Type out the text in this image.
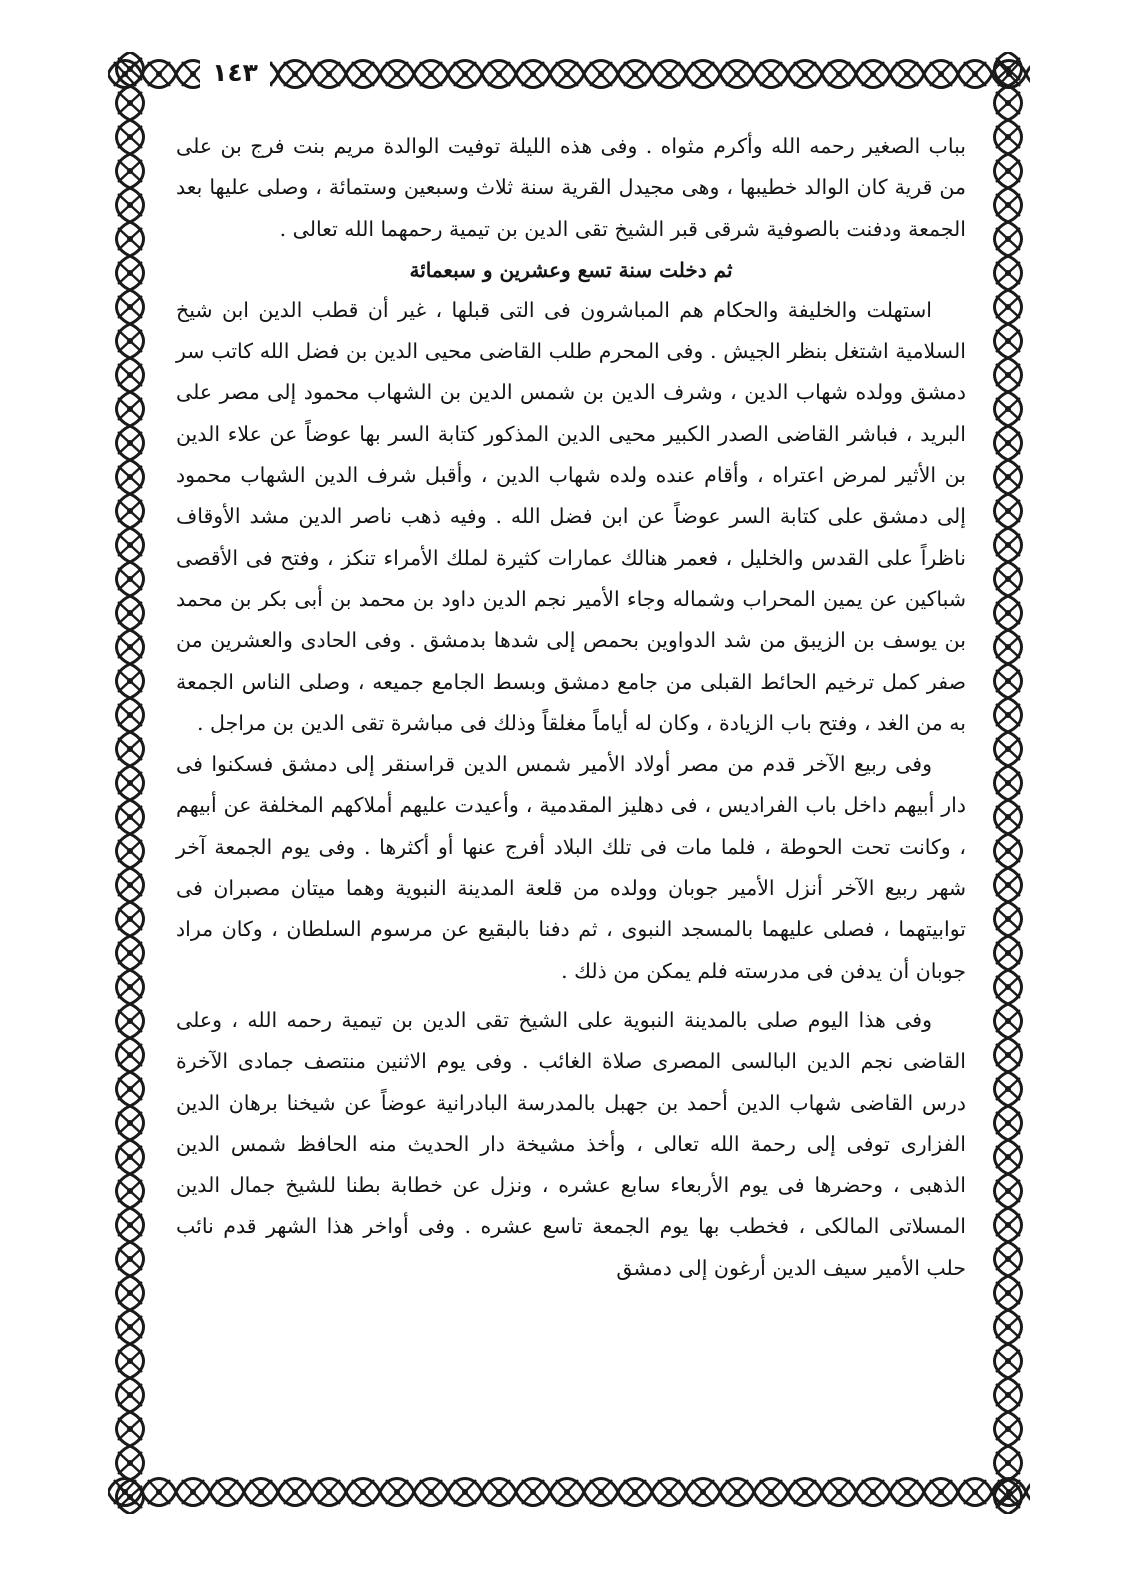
١٤٣

بباب الصغير رحمه الله وأكرم مثواه . وفى هذه الليلة توفيت الوالدة مريم بنت فرج بن على من قرية كان الوالد خطيبها ، وهى مجيدل القرية سنة ثلاث وسبعين وستمائة ، وصلى عليها بعد الجمعة ودفنت بالصوفية شرقى قبر الشيخ تقى الدين بن تيمية رحمهما الله تعالى .

ثم دخلت سنة تسع وعشرين و سبعمائة

استهلت والخليفة والحكام هم المباشرون فى التى قبلها ، غير أن قطب الدين ابن شيخ السلامية اشتغل بنظر الجيش . وفى المحرم طلب القاضى محيى الدين بن فضل الله كاتب سر دمشق وولده شهاب الدين ، وشرف الدين بن شمس الدين بن الشهاب محمود إلى مصر على البريد ، فباشر القاضى الصدر الكبير محيى الدين المذكور كتابة السر بها عوضاً عن علاء الدين بن الأثير لمرض اعتراه ، وأقام عنده ولده شهاب الدين ، وأقبل شرف الدين الشهاب محمود إلى دمشق على كتابة السر عوضاً عن ابن فضل الله . وفيه ذهب ناصر الدين مشد الأوقاف ناظراً على القدس والخليل ، فعمر هنالك عمارات كثيرة لملك الأمراء تنكز ، وفتح فى الأقصى شباكين عن يمين المحراب وشماله وجاء الأمير نجم الدين داود بن محمد بن أبى بكر بن محمد بن يوسف بن الزيبق من شد الدواوين بحمص إلى شدها بدمشق . وفى الحادى والعشرين من صفر كمل ترخيم الحائط القبلى من جامع دمشق وبسط الجامع جميعه ، وصلى الناس الجمعة به من الغد ، وفتح باب الزيادة ، وكان له أياماً مغلقاً وذلك فى مباشرة تقى الدين بن مراجل .

وفى ربيع الآخر قدم من مصر أولاد الأمير شمس الدين قراسنقر إلى دمشق فسكنوا فى دار أبيهم داخل باب الفراديس ، فى دهليز المقدمية ، وأعيدت عليهم أملاكهم المخلفة عن أبيهم ، وكانت تحت الحوطة ، فلما مات فى تلك البلاد أفرج عنها أو أكثرها . وفى يوم الجمعة آخر شهر ربيع الآخر أنزل الأمير جوبان وولده من قلعة المدينة النبوية وهما ميتان مصبران فى توابيتهما ، فصلى عليهما بالمسجد النبوى ، ثم دفنا بالبقيع عن مرسوم السلطان ، وكان مراد جوبان أن يدفن فى مدرسته فلم يمكن من ذلك .

وفى هذا اليوم صلى بالمدينة النبوية على الشيخ تقى الدين بن تيمية رحمه الله ، وعلى القاضى نجم الدين البالسى المصرى صلاة الغائب . وفى يوم الاثنين منتصف جمادى الآخرة درس القاضى شهاب الدين أحمد بن جهبل بالمدرسة البادرانية عوضاً عن شيخنا برهان الدين الفزارى توفى إلى رحمة الله تعالى ، وأخذ مشيخة دار الحديث منه الحافظ شمس الدين الذهبى ، وحضرها فى يوم الأربعاء سابع عشره ، ونزل عن خطابة بطنا للشيخ جمال الدين المسلاتى المالكى ، فخطب بها يوم الجمعة تاسع عشره . وفى أواخر هذا الشهر قدم نائب حلب الأمير سيف الدين أرغون إلى دمشق
